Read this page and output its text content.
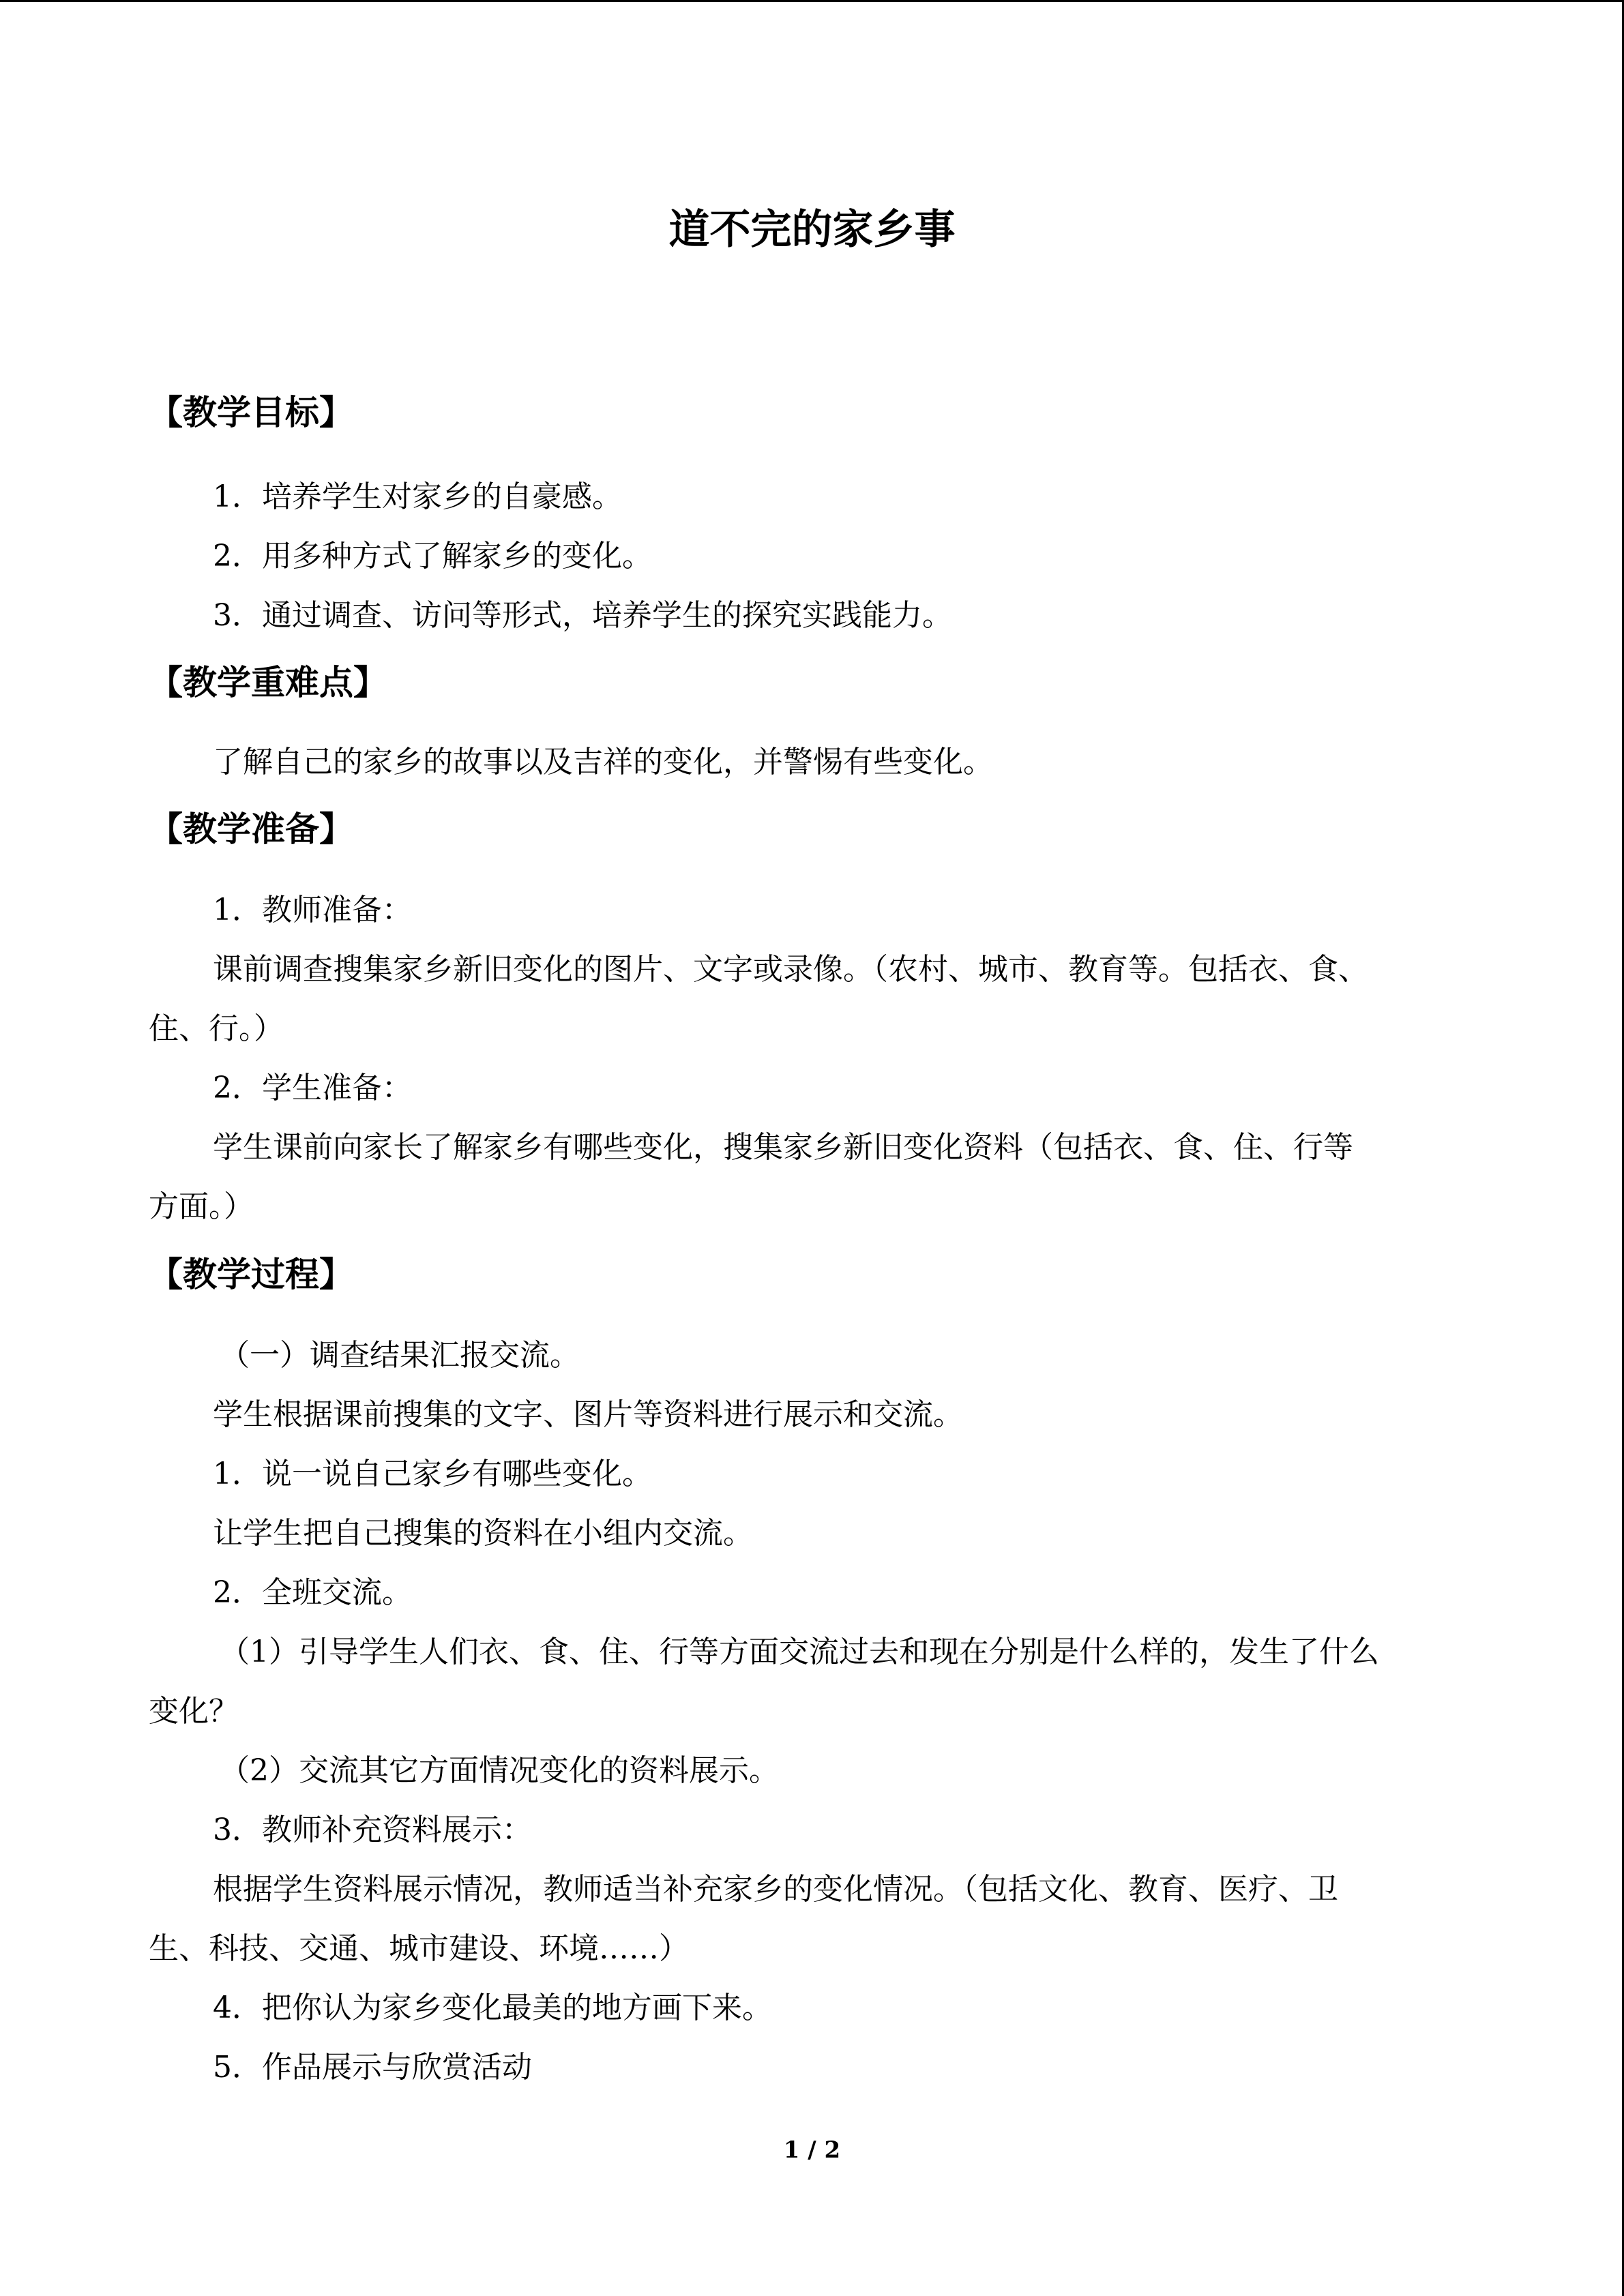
道不完的家乡事
【教学目标】
1．培养学生对家乡的自豪感。
2．用多种方式了解家乡的变化。
3．通过调查、访问等形式，培养学生的探究实践能力。
【教学重难点】
了解自己的家乡的故事以及吉祥的变化，并警惕有些变化。
【教学准备】
1．教师准备：
课前调查搜集家乡新旧变化的图片、文字或录像。（农村、城市、教育等。包括衣、食、
住、行。）
2．学生准备：
学生课前向家长了解家乡有哪些变化，搜集家乡新旧变化资料（包括衣、食、住、行等
方面。）
【教学过程】
（一）调查结果汇报交流。
学生根据课前搜集的文字、图片等资料进行展示和交流。
1．说一说自己家乡有哪些变化。
让学生把自己搜集的资料在小组内交流。
2．全班交流。
（1）引导学生人们衣、食、住、行等方面交流过去和现在分别是什么样的，发生了什么
变化？
（2）交流其它方面情况变化的资料展示。
3．教师补充资料展示：
根据学生资料展示情况，教师适当补充家乡的变化情况。（包括文化、教育、医疗、卫
生、科技、交通、城市建设、环境……）
4．把你认为家乡变化最美的地方画下来。
5．作品展示与欣赏活动
1 / 2
